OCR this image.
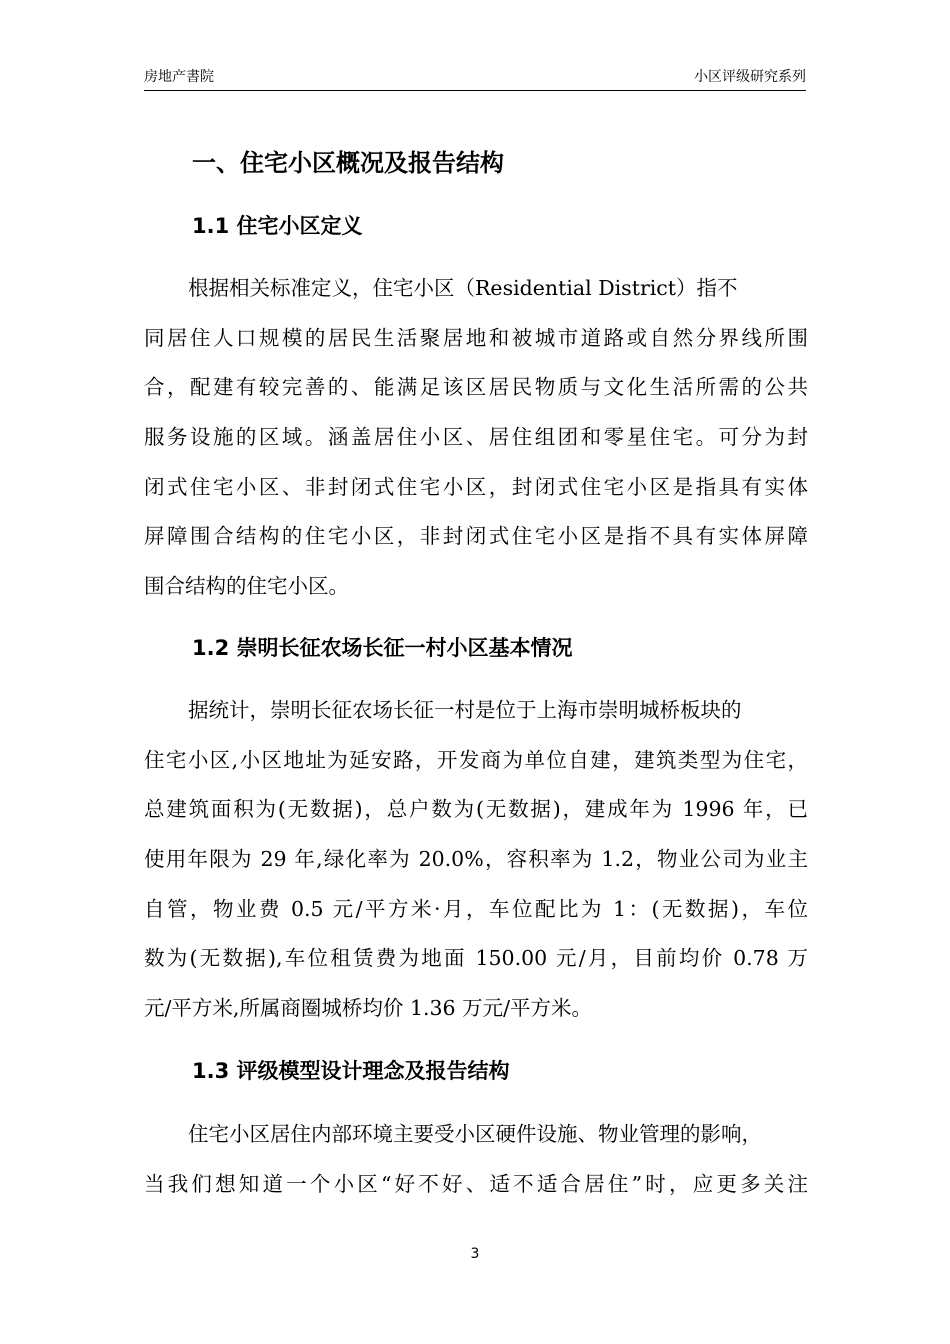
房地产書院	小区评级研究系列
一、住宅小区概况及报告结构
1.1 住宅小区定义
根据相关标准定义，住宅小区（Residential District）指不
同居住人口规模的居民生活聚居地和被城市道路或自然分界线所围
合，配建有较完善的、能满足该区居民物质与文化生活所需的公共
服务设施的区域。涵盖居住小区、居住组团和零星住宅。可分为封
闭式住宅小区、非封闭式住宅小区，封闭式住宅小区是指具有实体
屏障围合结构的住宅小区，非封闭式住宅小区是指不具有实体屏障
围合结构的住宅小区。
1.2 崇明长征农场长征一村小区基本情况
据统计，崇明长征农场长征一村是位于上海市崇明城桥板块的
住宅小区,小区地址为延安路，开发商为单位自建，建筑类型为住宅，
总建筑面积为(无数据)，总户数为(无数据)，建成年为 1996 年，已
使用年限为 29 年,绿化率为 20.0%，容积率为 1.2，物业公司为业主
自管，物业费 0.5 元/平方米·月，车位配比为 1：(无数据)，车位
数为(无数据),车位租赁费为地面 150.00 元/月，目前均价 0.78 万
元/平方米,所属商圈城桥均价 1.36 万元/平方米。
1.3 评级模型设计理念及报告结构
住宅小区居住内部环境主要受小区硬件设施、物业管理的影响，
当我们想知道一个小区“好不好、适不适合居住”时，应更多关注
3
